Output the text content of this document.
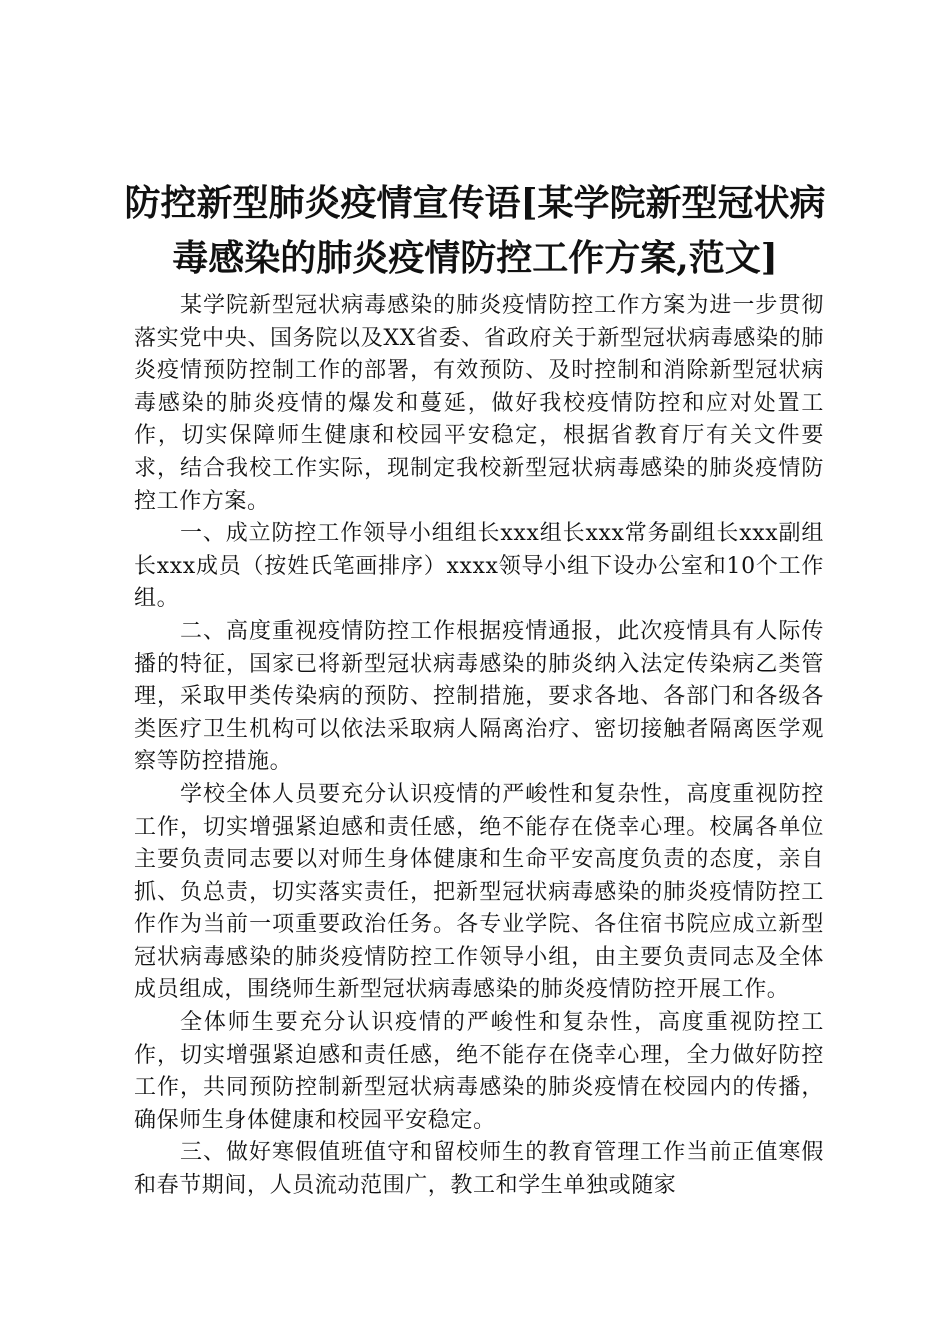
防控新型肺炎疫情宣传语[某学院新型冠状病
毒感染的肺炎疫情防控工作方案,范文]

某学院新型冠状病毒感染的肺炎疫情防控工作方案为进一步贯彻落实党中央、国务院以及XX省委、省政府关于新型冠状病毒感染的肺炎疫情预防控制工作的部署，有效预防、及时控制和消除新型冠状病毒感染的肺炎疫情的爆发和蔓延，做好我校疫情防控和应对处置工作，切实保障师生健康和校园平安稳定，根据省教育厅有关文件要求，结合我校工作实际，现制定我校新型冠状病毒感染的肺炎疫情防控工作方案。

一、成立防控工作领导小组组长xxx组长xxx常务副组长xxx副组长xxx成员（按姓氏笔画排序）xxxx领导小组下设办公室和10个工作组。

二、高度重视疫情防控工作根据疫情通报，此次疫情具有人际传播的特征，国家已将新型冠状病毒感染的肺炎纳入法定传染病乙类管理，采取甲类传染病的预防、控制措施，要求各地、各部门和各级各类医疗卫生机构可以依法采取病人隔离治疗、密切接触者隔离医学观察等防控措施。

学校全体人员要充分认识疫情的严峻性和复杂性，高度重视防控工作，切实增强紧迫感和责任感，绝不能存在侥幸心理。校属各单位主要负责同志要以对师生身体健康和生命平安高度负责的态度，亲自抓、负总责，切实落实责任，把新型冠状病毒感染的肺炎疫情防控工作作为当前一项重要政治任务。各专业学院、各住宿书院应成立新型冠状病毒感染的肺炎疫情防控工作领导小组，由主要负责同志及全体成员组成，围绕师生新型冠状病毒感染的肺炎疫情防控开展工作。

全体师生要充分认识疫情的严峻性和复杂性，高度重视防控工作，切实增强紧迫感和责任感，绝不能存在侥幸心理，全力做好防控工作，共同预防控制新型冠状病毒感染的肺炎疫情在校园内的传播，确保师生身体健康和校园平安稳定。

三、做好寒假值班值守和留校师生的教育管理工作当前正值寒假和春节期间，人员流动范围广，教工和学生单独或随家
